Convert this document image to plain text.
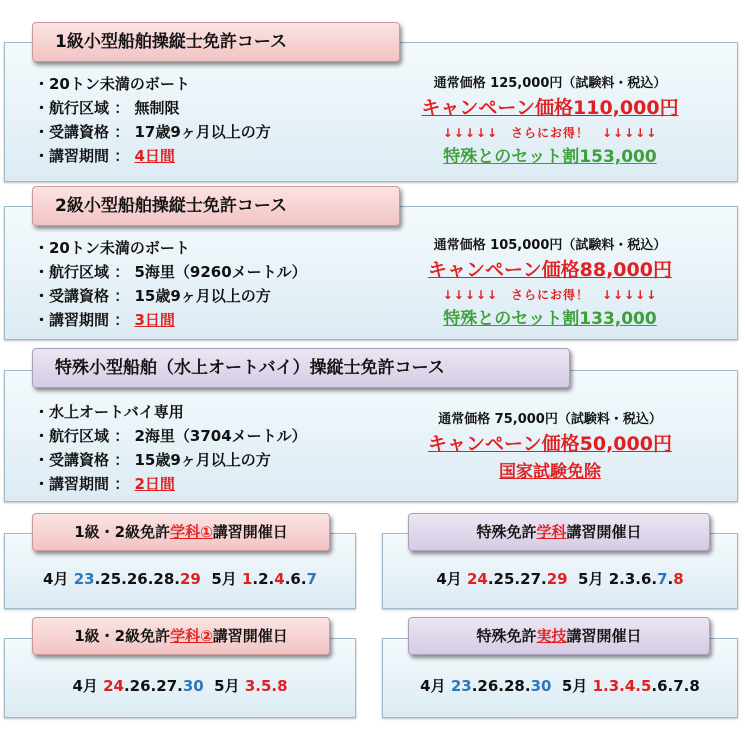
1級小型船舶操縦士免許コース
・20トン未満のボート
・航行区域 ： 無制限
・受講資格 ： 17歳9ヶ月以上の方
・講習期間 ： 4日間
通常価格 125,000円（試験料・税込）
キャンペーン価格110,000円
↓↓↓↓↓　さらにお得！　↓↓↓↓↓
特殊とのセット割153,000
2級小型船舶操縦士免許コース
・20トン未満のボート
・航行区域 ： 5海里（9260メートル）
・受講資格 ： 15歳9ヶ月以上の方
・講習期間 ： 3日間
通常価格 105,000円（試験料・税込）
キャンペーン価格88,000円
↓↓↓↓↓　さらにお得！　↓↓↓↓↓
特殊とのセット割133,000
特殊小型船舶（水上オートバイ）操縦士免許コース
・水上オートバイ専用
・航行区域 ： 2海里（3704メートル）
・受講資格 ： 15歳9ヶ月以上の方
・講習期間 ： 2日間
通常価格 75,000円（試験料・税込）
キャンペーン価格50,000円
国家試験免除
1級・2級免許学科①講習開催日
4月 23.25.26.28.29 5月 1.2.4.6.7
特殊免許学科講習開催日
4月 24.25.27.29 5月 2.3.6.7.8
1級・2級免許学科②講習開催日
4月 24.26.27.30 5月 3.5.8
特殊免許実技講習開催日
4月 23.26.28.30 5月 1.3.4.5.6.7.8
